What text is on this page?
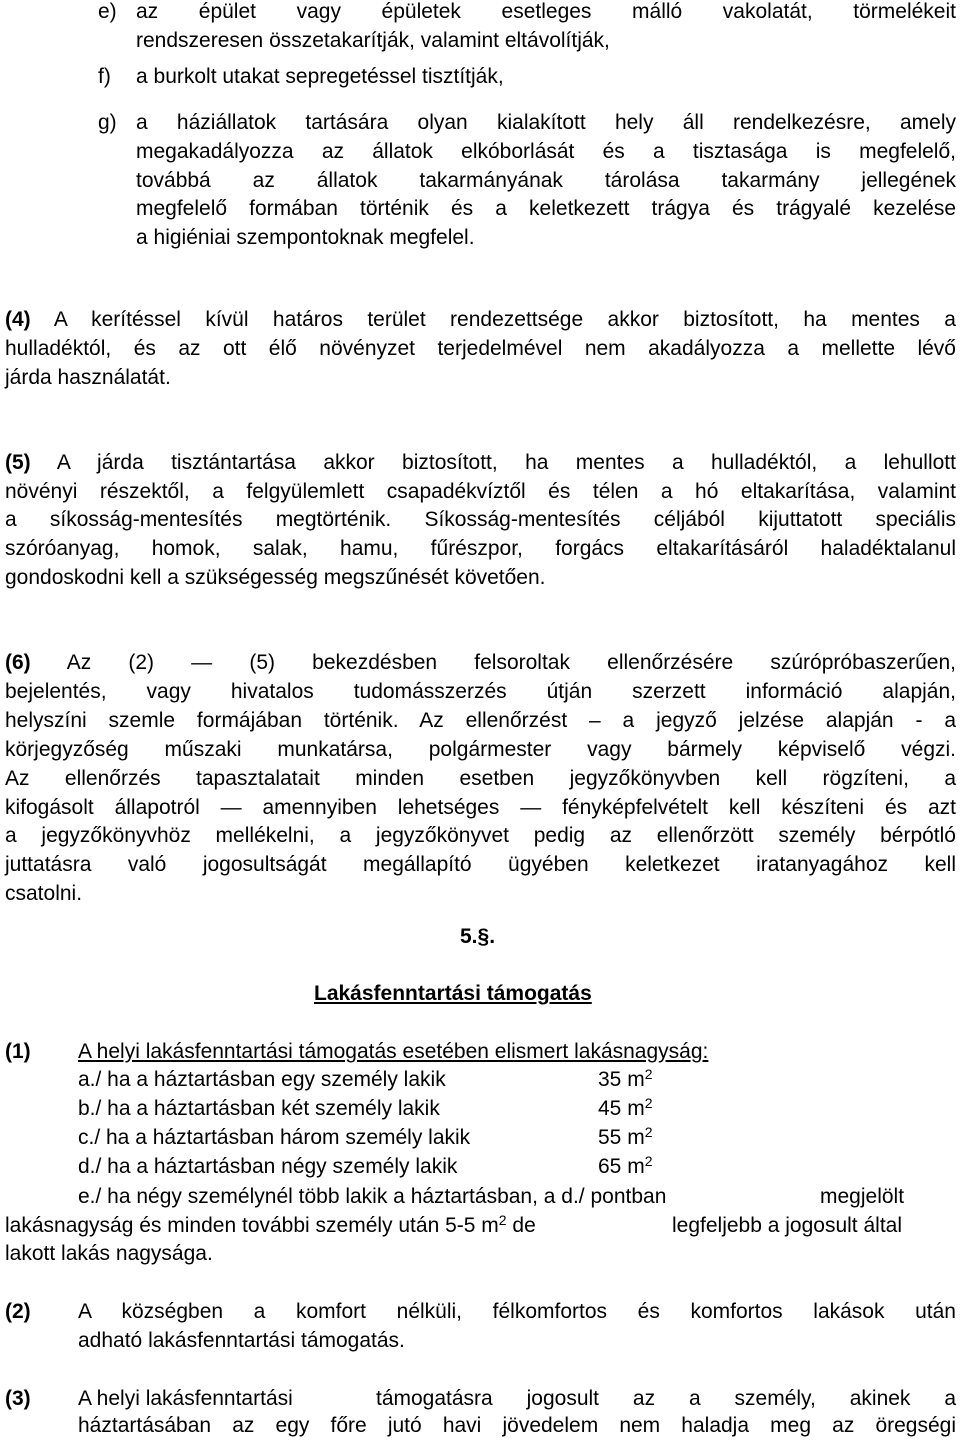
e) az épület vagy épületek esetleges málló vakolatát, törmelékeit
rendszeresen összetakarítják, valamint eltávolítják,
f) a burkolt utakat sepregetéssel tisztítják,
g) a háziállatok tartására olyan kialakított hely áll rendelkezésre, amely
megakadályozza az állatok elkóborlását és a tisztasága is megfelelő,
továbbá az állatok takarmányának tárolása takarmány jellegének
megfelelő formában történik és a keletkezett trágya és trágyalé kezelése
a higiéniai szempontoknak megfelel.
(4) A kerítéssel kívül határos terület rendezettsége akkor biztosított, ha mentes a
hulladéktól, és az ott élő növényzet terjedelmével nem akadályozza a mellette lévő
járda használatát.
(5) A járda tisztántartása akkor biztosított, ha mentes a hulladéktól, a lehullott
növényi részektől, a felgyülemlett csapadékvíztől és télen a hó eltakarítása, valamint
a síkosság-mentesítés megtörténik. Síkosság-mentesítés céljából kijuttatott speciális
szóróanyag, homok, salak, hamu, fűrészpor, forgács eltakarításáról haladéktalanul
gondoskodni kell a szükségesség megszűnését követően.
(6) Az (2) — (5) bekezdésben felsoroltak ellenőrzésére szúrópróbaszerűen,
bejelentés, vagy hivatalos tudomásszerzés útján szerzett információ alapján,
helyszíni szemle formájában történik. Az ellenőrzést – a jegyző jelzése alapján - a
körjegyzőség műszaki munkatársa, polgármester vagy bármely képviselő végzi.
Az ellenőrzés tapasztalatait minden esetben jegyzőkönyvben kell rögzíteni, a
kifogásolt állapotról — amennyiben lehetséges — fényképfelvételt kell készíteni és azt
a jegyzőkönyvhöz mellékelni, a jegyzőkönyvet pedig az ellenőrzött személy bérpótló
juttatásra való jogosultságát megállapító ügyében keletkezet iratanyagához kell
csatolni.
5.§.
Lakásfenntartási támogatás
(1) A helyi lakásfenntartási támogatás esetében elismert lakásnagyság:
a./ ha a háztartásban egy személy lakik	35 $m^2$
b./ ha a háztartásban két személy lakik	45 $m^2$
c./ ha a háztartásban három személy lakik	55 $m^2$
d./ ha a háztartásban négy személy lakik	65 $m^2$
e./ ha négy személynél több lakik a háztartásban, a d./ pontban	megjelölt
lakásnagyság és minden további személy után 5-5 $m^2$ de	legfeljebb a jogosult által
lakott lakás nagysága.
(2) A községben a komfort nélküli, félkomfortos és komfortos lakások után
adható lakásfenntartási támogatás.
(3) A helyi lakásfenntartási	támogatásra jogosult az a személy, akinek a
háztartásában az egy főre jutó havi jövedelem nem haladja meg az öregségi
